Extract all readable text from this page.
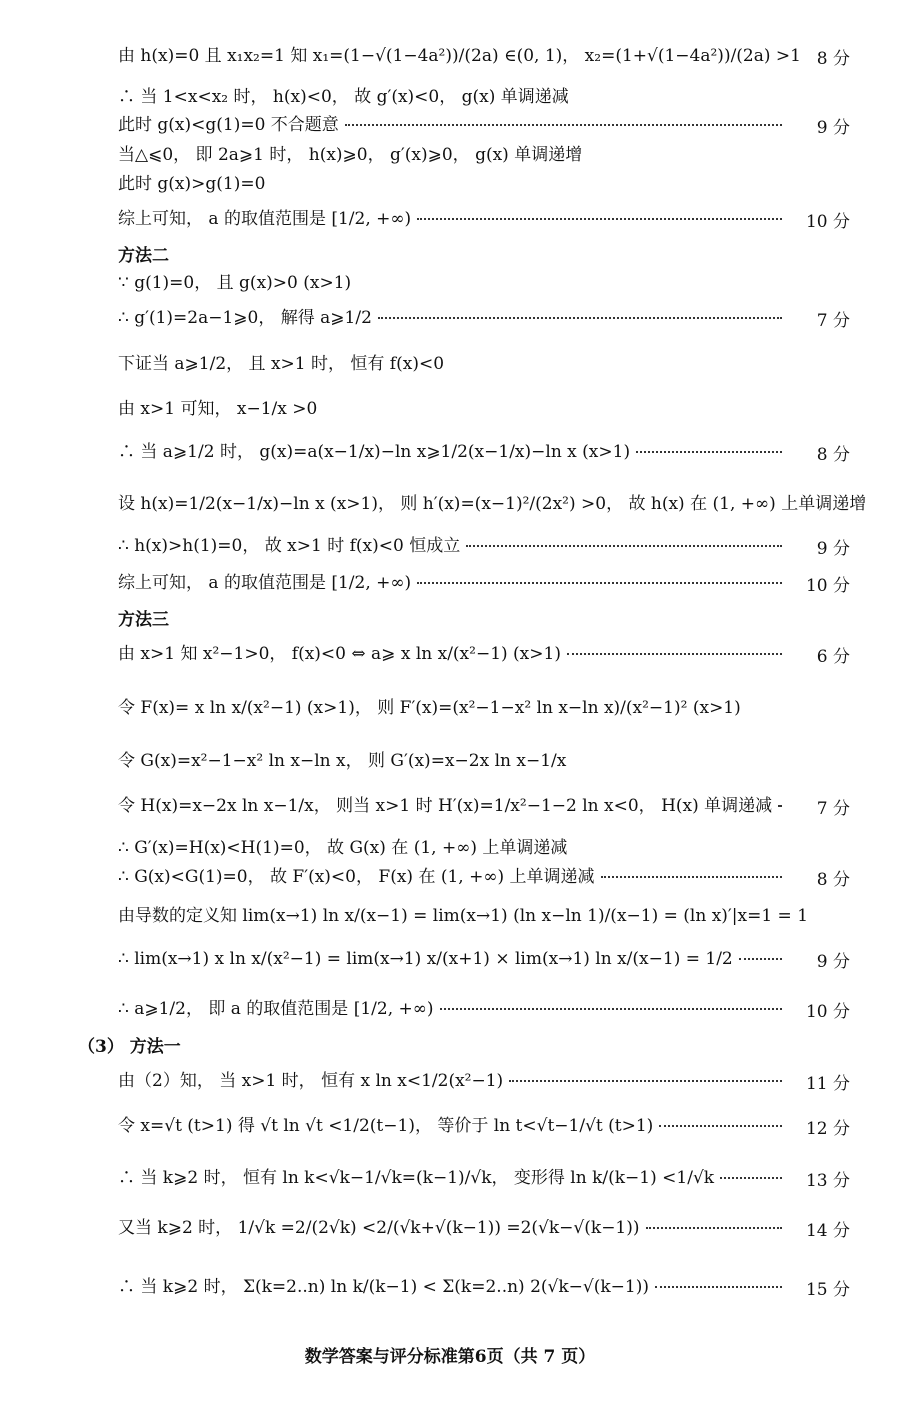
由 h(x)=0 且 x₁x₂=1 知 x₁=(1−√(1−4a²))/(2a) ∈(0, 1)， x₂=(1+√(1−4a²))/(2a) >1 8 分
∴ 当 1<x<x₂ 时， h(x)<0， 故 g′(x)<0， g(x) 单调递减
此时 g(x)<g(1)=0 不合题意	9 分
当△⩽0， 即 2a⩾1 时， h(x)⩾0， g′(x)⩾0， g(x) 单调递增
此时 g(x)>g(1)=0
综上可知， a 的取值范围是 [1/2, +∞)	10 分
方法二
∵ g(1)=0， 且 g(x)>0 (x>1)
∴ g′(1)=2a−1⩾0， 解得 a⩾1/2	7 分
下证当 a⩾1/2， 且 x>1 时， 恒有 f(x)<0
由 x>1 可知， x−1/x >0
∴ 当 a⩾1/2 时， g(x)=a(x−1/x)−ln x⩾1/2(x−1/x)−ln x (x>1)	8 分
设 h(x)=1/2(x−1/x)−ln x (x>1)， 则 h′(x)=(x−1)²/(2x²) >0， 故 h(x) 在 (1, +∞) 上单调递增
∴ h(x)>h(1)=0， 故 x>1 时 f(x)<0 恒成立	9 分
综上可知， a 的取值范围是 [1/2, +∞)	10 分
方法三
由 x>1 知 x²−1>0， f(x)<0 ⇔ a⩾ x ln x/(x²−1) (x>1)	6 分
令 F(x)= x ln x/(x²−1) (x>1)， 则 F′(x)=(x²−1−x² ln x−ln x)/(x²−1)² (x>1)
令 G(x)=x²−1−x² ln x−ln x， 则 G′(x)=x−2x ln x−1/x
令 H(x)=x−2x ln x−1/x， 则当 x>1 时 H′(x)=1/x²−1−2 ln x<0， H(x) 单调递减	7 分
∴ G′(x)=H(x)<H(1)=0， 故 G(x) 在 (1, +∞) 上单调递减
∴ G(x)<G(1)=0， 故 F′(x)<0， F(x) 在 (1, +∞) 上单调递减	8 分
由导数的定义知 lim(x→1) ln x/(x−1) = lim(x→1) (ln x−ln 1)/(x−1) = (ln x)′|x=1 = 1
∴ lim(x→1) x ln x/(x²−1) = lim(x→1) x/(x+1) × lim(x→1) ln x/(x−1) = 1/2	9 分
∴ a⩾1/2， 即 a 的取值范围是 [1/2, +∞)	10 分
（3） 方法一
由（2）知， 当 x>1 时， 恒有 x ln x<1/2(x²−1)	11 分
令 x=√t (t>1) 得 √t ln √t <1/2(t−1)， 等价于 ln t<√t−1/√t (t>1)	12 分
∴ 当 k⩾2 时， 恒有 ln k<√k−1/√k=(k−1)/√k， 变形得 ln k/(k−1) <1/√k	13 分
又当 k⩾2 时， 1/√k =2/(2√k) <2/(√k+√(k−1)) =2(√k−√(k−1))	14 分
∴ 当 k⩾2 时， Σ(k=2..n) ln k/(k−1) < Σ(k=2..n) 2(√k−√(k−1))	15 分
数学答案与评分标准第6页（共 7 页）
